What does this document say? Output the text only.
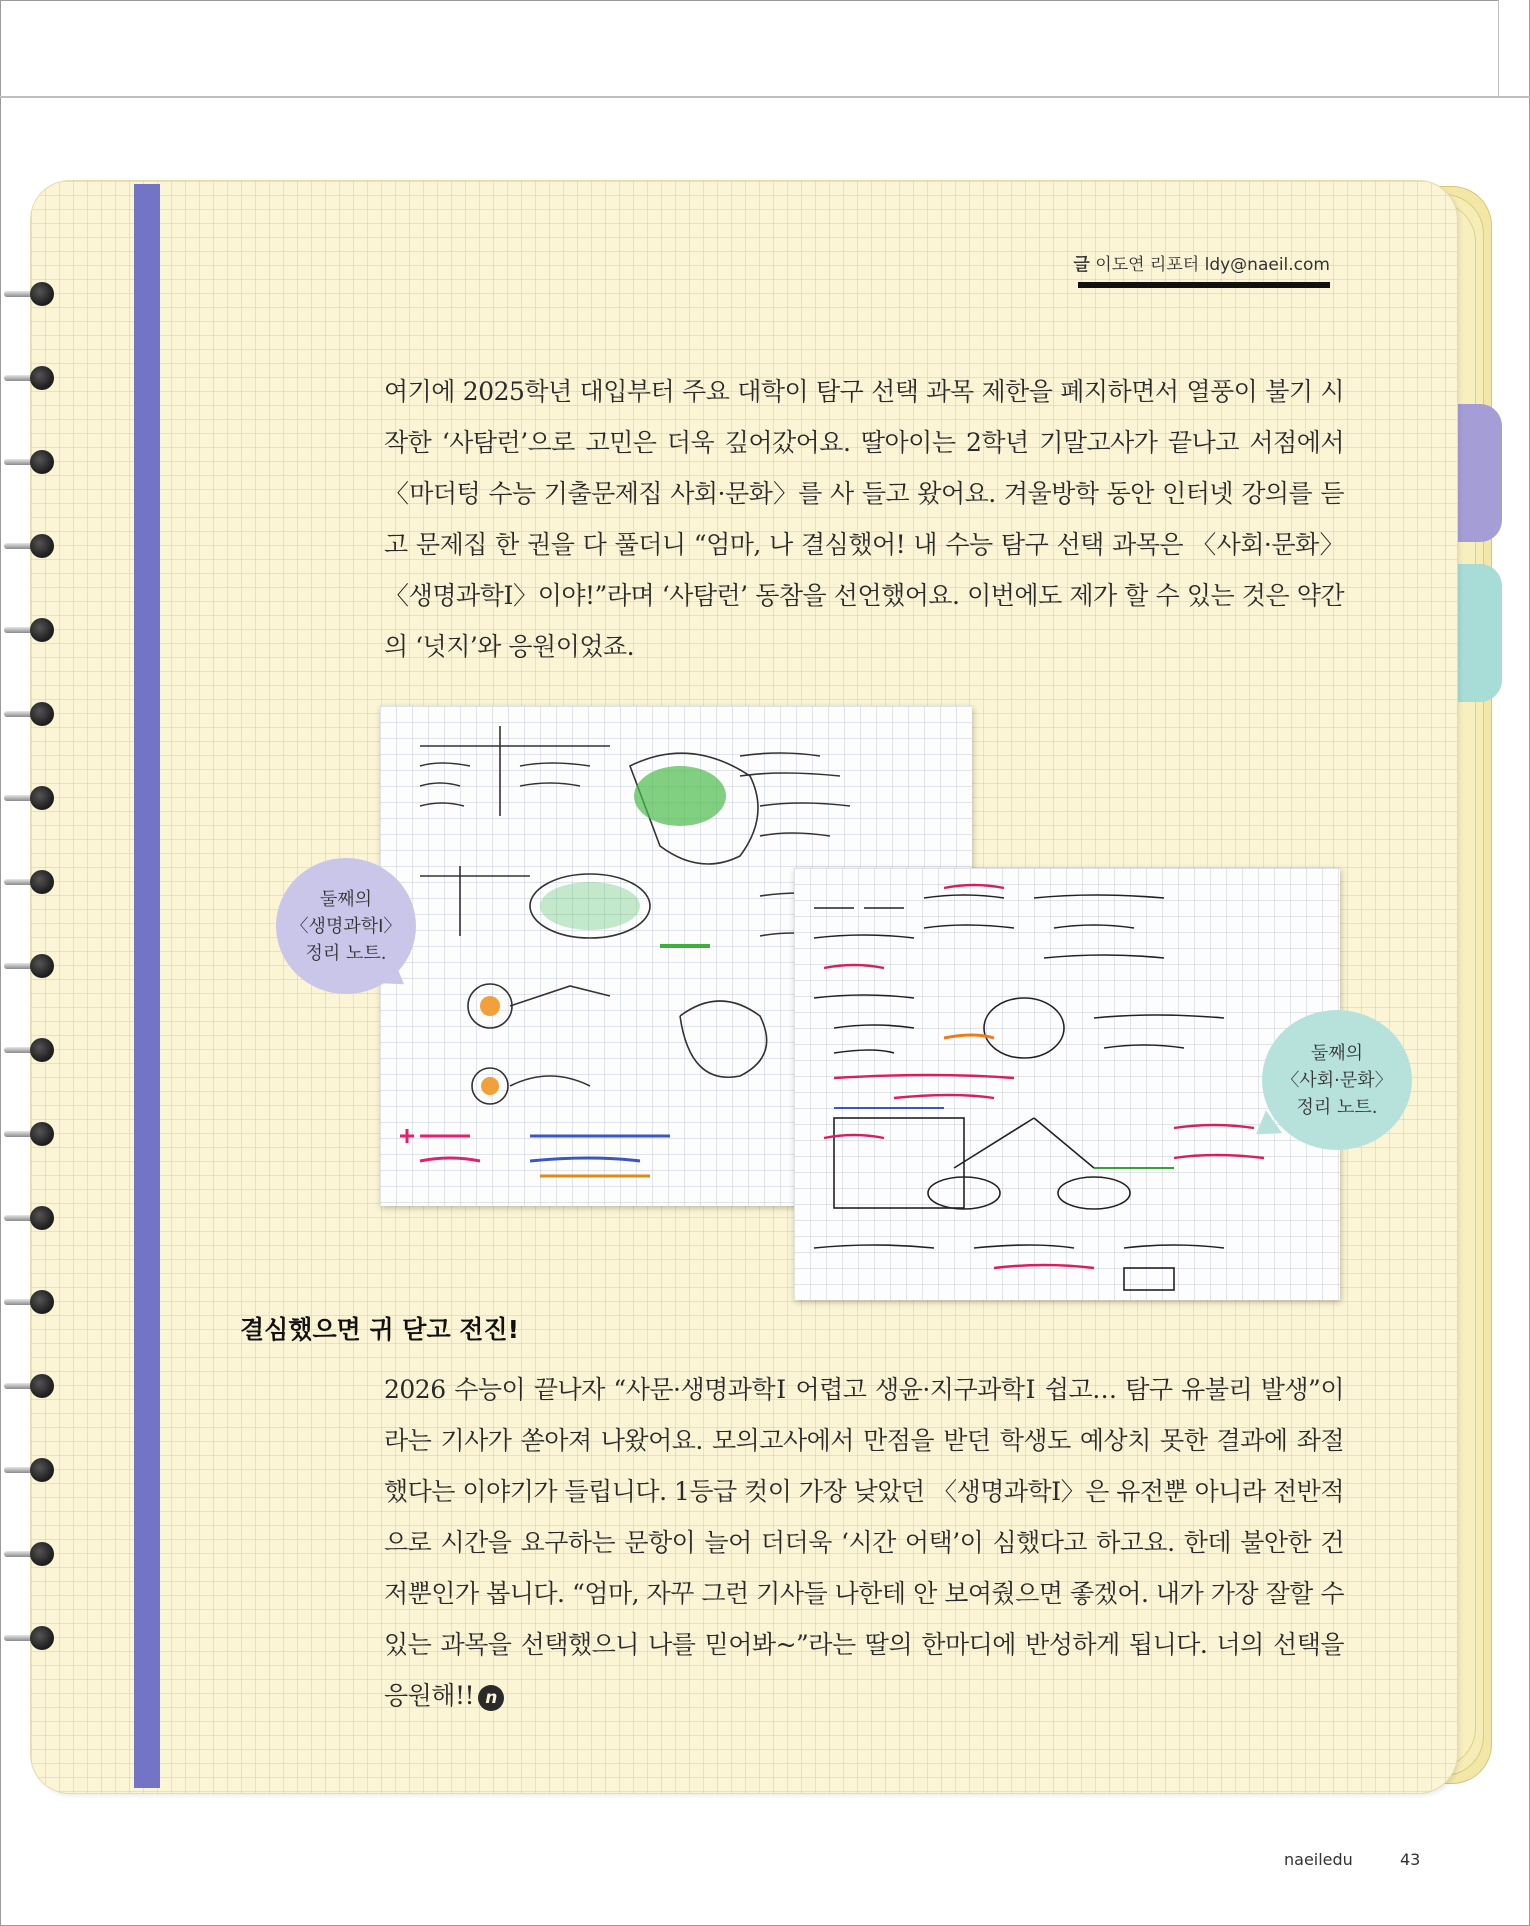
글 이도연 리포터 ldy@naeil.com

여기에 2025학년 대입부터 주요 대학이 탐구 선택 과목 제한을 폐지하면서 열풍이 불기 시작한 ‘사탐런’으로 고민은 더욱 깊어갔어요. 딸아이는 2학년 기말고사가 끝나고 서점에서 〈마더텅 수능 기출문제집 사회·문화〉를 사 들고 왔어요. 겨울방학 동안 인터넷 강의를 듣고 문제집 한 권을 다 풀더니 “엄마, 나 결심했어! 내 수능 탐구 선택 과목은 〈사회·문화〉〈생명과학Ⅰ〉이야!”라며 ‘사탐런’ 동참을 선언했어요. 이번에도 제가 할 수 있는 것은 약간의 ‘넛지’와 응원이었죠.

둘째의
〈생명과학Ⅰ〉
정리 노트.
둘째의
〈사회·문화〉
정리 노트.
결심했으면 귀 닫고 전진!

2026 수능이 끝나자 “사문·생명과학Ⅰ 어렵고 생윤·지구과학Ⅰ 쉽고… 탐구 유불리 발생”이라는 기사가 쏟아져 나왔어요. 모의고사에서 만점을 받던 학생도 예상치 못한 결과에 좌절했다는 이야기가 들립니다. 1등급 컷이 가장 낮았던 〈생명과학Ⅰ〉은 유전뿐 아니라 전반적으로 시간을 요구하는 문항이 늘어 더더욱 ‘시간 어택’이 심했다고 하고요. 한데 불안한 건 저뿐인가 봅니다. “엄마, 자꾸 그런 기사들 나한테 안 보여줬으면 좋겠어. 내가 가장 잘할 수 있는 과목을 선택했으니 나를 믿어봐~”라는 딸의 한마디에 반성하게 됩니다. 너의 선택을 응원해!! n

naeiledu	43
